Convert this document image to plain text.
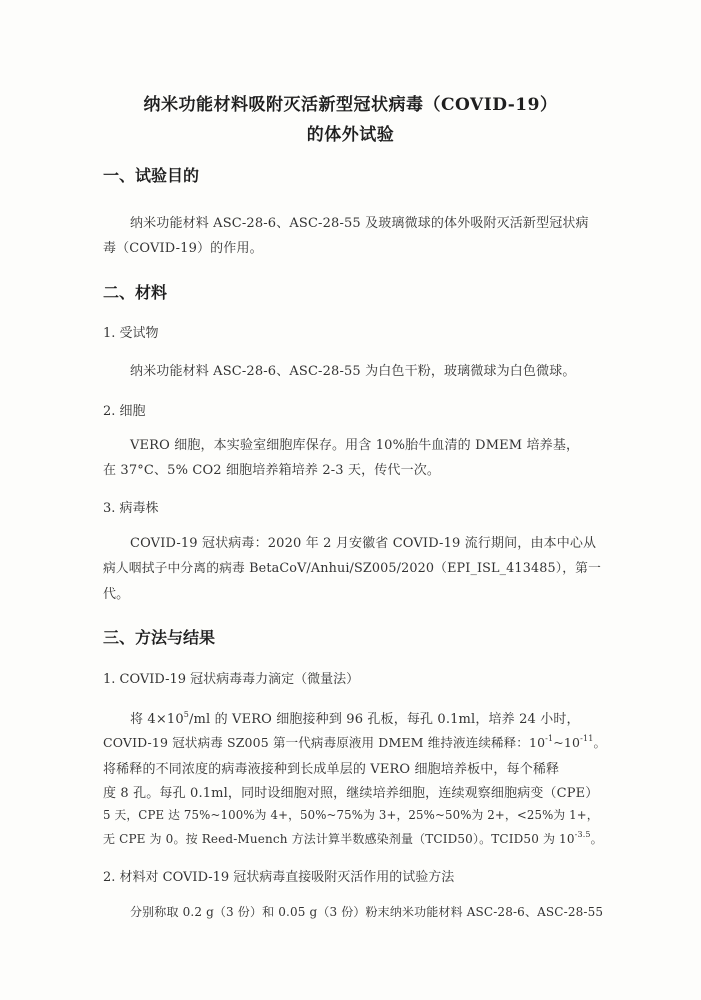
纳米功能材料吸附灭活新型冠状病毒（COVID-19）
的体外试验
一、试验目的
纳米功能材料 ASC-28-6、ASC-28-55 及玻璃微球的体外吸附灭活新型冠状病
毒（COVID-19）的作用。
二、材料
1. 受试物
纳米功能材料 ASC-28-6、ASC-28-55 为白色干粉，玻璃微球为白色微球。
2. 细胞
VERO 细胞，本实验室细胞库保存。用含 10%胎牛血清的 DMEM 培养基，
在 37°C、5% CO2 细胞培养箱培养 2-3 天，传代一次。
3. 病毒株
COVID-19 冠状病毒：2020 年 2 月安徽省 COVID-19 流行期间，由本中心从
病人咽拭子中分离的病毒 BetaCoV/Anhui/SZ005/2020（EPI_ISL_413485），第一
代。
三、方法与结果
1. COVID-19 冠状病毒毒力滴定（微量法）
将 $4\times 10^5/ml$ 的 VERO 细胞接种到 96 孔板，每孔 0.1ml，培养 24 小时，
COVID-19 冠状病毒 SZ005 第一代病毒原液用 DMEM 维持液连续稀释：$10^{-1}\sim 10^{-11}$。
将稀释的不同浓度的病毒液接种到长成单层的 VERO 细胞培养板中，每个稀释
度 8 孔。每孔 0.1ml，同时设细胞对照，继续培养细胞，连续观察细胞病变（CPE）
5 天，CPE 达 75%~100%为 4+，50%~75%为 3+，25%~50%为 2+，<25%为 1+，
无 CPE 为 0。按 Reed-Muench 方法计算半数感染剂量（TCID50）。TCID50 为 $10^{-3.5}$。
2. 材料对 COVID-19 冠状病毒直接吸附灭活作用的试验方法
分别称取 0.2 g（3 份）和 0.05 g（3 份）粉末纳米功能材料 ASC-28-6、ASC-28-55
